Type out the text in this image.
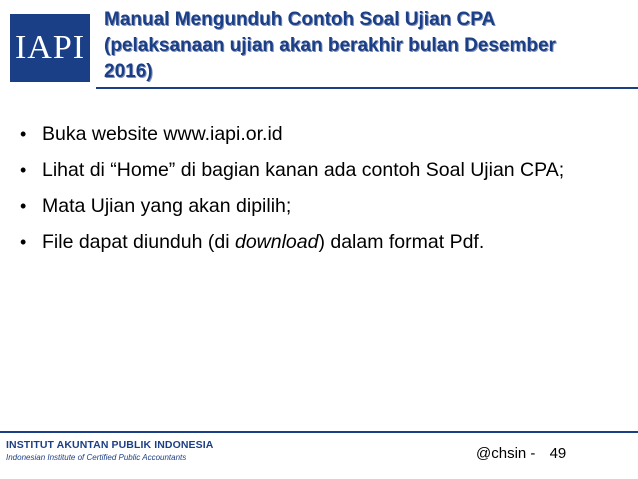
IAPI
Manual Mengunduh Contoh Soal Ujian CPA
(pelaksanaan ujian akan berakhir bulan Desember
2016)
• Buka website www.iapi.or.id
• Lihat di “Home” di bagian kanan ada contoh Soal Ujian CPA;
• Mata Ujian yang akan dipilih;
• File dapat diunduh (di download) dalam format Pdf.
INSTITUT AKUNTAN PUBLIK INDONESIA
Indonesian Institute of Certified Public Accountants	@chsin - 49
